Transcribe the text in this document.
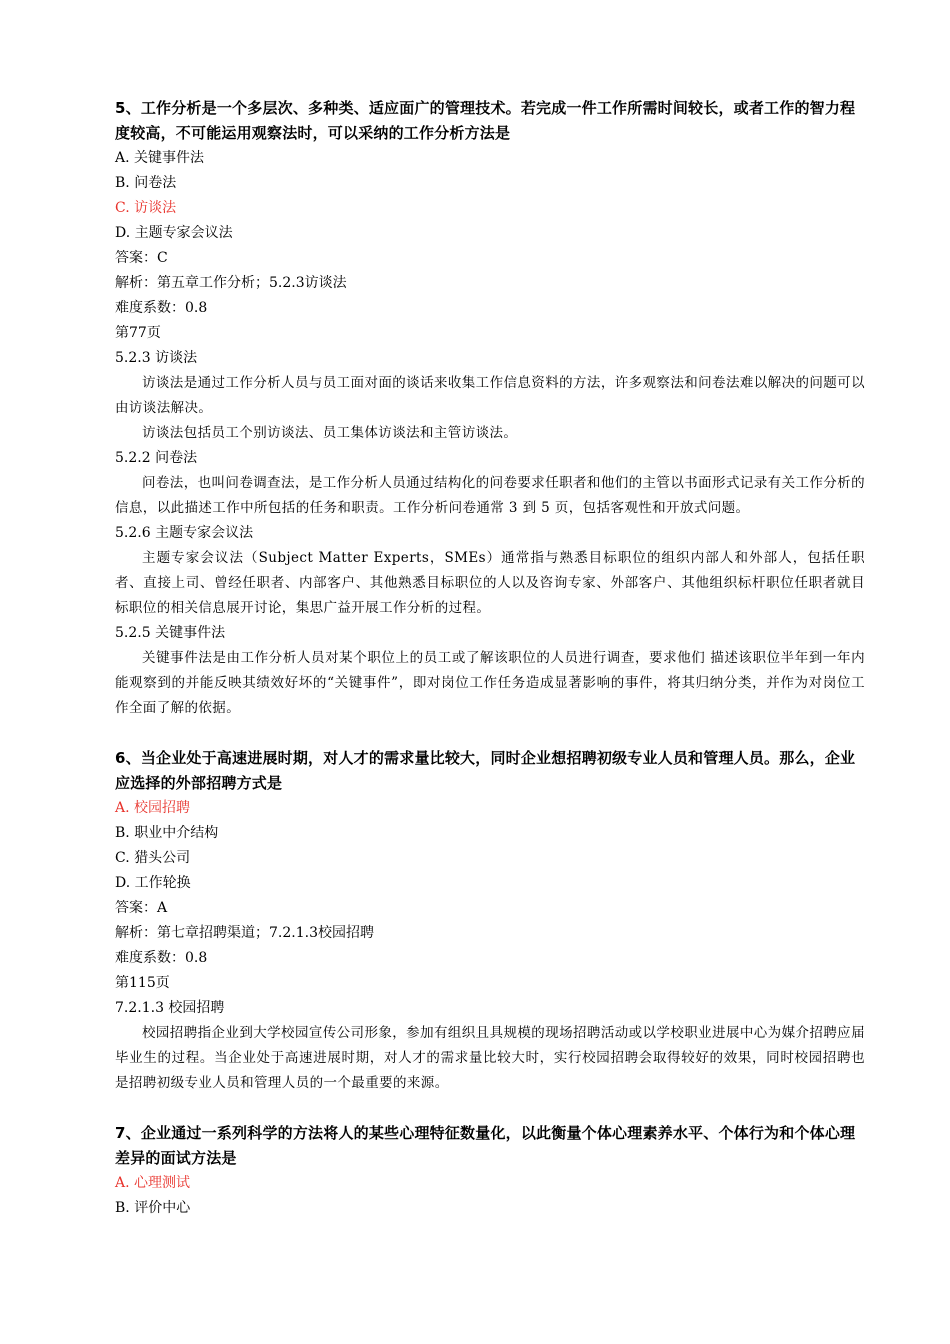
5、工作分析是一个多层次、多种类、适应面广的管理技术。若完成一件工作所需时间较长，或者工作的智力程度较高，不可能运用观察法时，可以采纳的工作分析方法是
A. 关键事件法
B. 问卷法
C. 访谈法
D. 主题专家会议法
答案：C
解析：第五章工作分析；5.2.3访谈法
难度系数：0.8
第77页
5.2.3 访谈法
访谈法是通过工作分析人员与员工面对面的谈话来收集工作信息资料的方法，许多观察法和问卷法难以解决的问题可以由访谈法解决。
访谈法包括员工个别访谈法、员工集体访谈法和主管访谈法。
5.2.2 问卷法
问卷法，也叫问卷调查法，是工作分析人员通过结构化的问卷要求任职者和他们的主管以书面形式记录有关工作分析的信息，以此描述工作中所包括的任务和职责。工作分析问卷通常 3 到 5 页，包括客观性和开放式问题。
5.2.6 主题专家会议法
主题专家会议法（Subject Matter Experts，SMEs）通常指与熟悉目标职位的组织内部人和外部人，包括任职者、直接上司、曾经任职者、内部客户、其他熟悉目标职位的人以及咨询专家、外部客户、其他组织标杆职位任职者就目标职位的相关信息展开讨论，集思广益开展工作分析的过程。
5.2.5 关键事件法
关键事件法是由工作分析人员对某个职位上的员工或了解该职位的人员进行调查，要求他们 描述该职位半年到一年内能观察到的并能反映其绩效好坏的“关键事件”，即对岗位工作任务造成显著影响的事件，将其归纳分类，并作为对岗位工作全面了解的依据。
6、当企业处于高速进展时期，对人才的需求量比较大，同时企业想招聘初级专业人员和管理人员。那么，企业应选择的外部招聘方式是
A. 校园招聘
B. 职业中介结构
C. 猎头公司
D. 工作轮换
答案：A
解析：第七章招聘渠道；7.2.1.3校园招聘
难度系数：0.8
第115页
7.2.1.3 校园招聘
校园招聘指企业到大学校园宣传公司形象，参加有组织且具规模的现场招聘活动或以学校职业进展中心为媒介招聘应届毕业生的过程。当企业处于高速进展时期，对人才的需求量比较大时，实行校园招聘会取得较好的效果，同时校园招聘也是招聘初级专业人员和管理人员的一个最重要的来源。
7、企业通过一系列科学的方法将人的某些心理特征数量化，以此衡量个体心理素养水平、个体行为和个体心理差异的面试方法是
A. 心理测试
B. 评价中心
